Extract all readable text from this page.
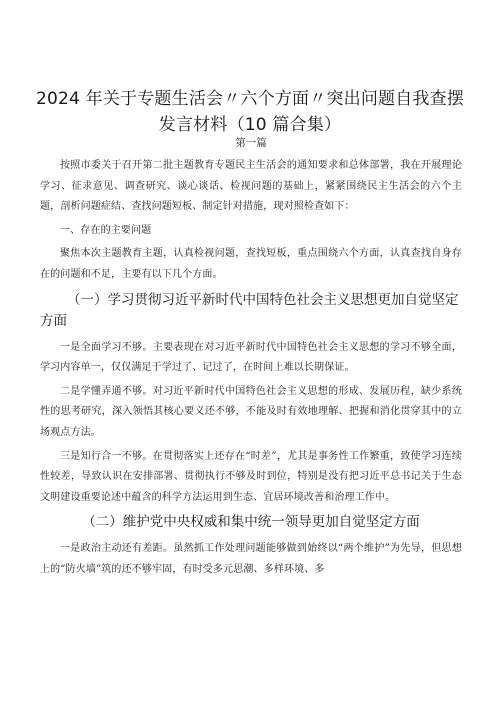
2024 年关于专题生活会〃六个方面〃突出问题自我查摆发言材料（10 篇合集）
第一篇

按照市委关于召开第二批主题教育专题民主生活会的通知要求和总体部署，我在开展理论学习、征求意见、调查研究、谈心谈话、检视问题的基础上，紧紧围绕民主生活会的六个主题，剖析问题症结、查找问题短板、制定针对措施，现对照检查如下：

一、存在的主要问题

聚焦本次主题教育主题，认真检视问题，查找短板，重点围绕六个方面，认真查找自身存在的问题和不足，主要有以下几个方面。

（一）学习贯彻习近平新时代中国特色社会主义思想更加自觉坚定方面

一是全面学习不够。主要表现在对习近平新时代中国特色社会主义思想的学习不够全面，学习内容单一，仅仅满足于学过了、记过了，在时间上难以长期保证。

二是学懂弄通不够。对习近平新时代中国特色社会主义思想的形成、发展历程，缺少系统性的思考研究，深入领悟其核心要义还不够，不能及时有效地理解、把握和消化贯穿其中的立场观点方法。

三是知行合一不够。在贯彻落实上还存在“时差”，尤其是事务性工作繁重，致使学习连续性较差，导致认识在安排部署、贯彻执行不够及时到位，特别是没有把习近平总书记关于生态文明建设重要论述中蕴含的科学方法运用到生态、宜居环境改善和治理工作中。

（二）维护党中央权威和集中统一领导更加自觉坚定方面

一是政治主动还有差距。虽然抓工作处理问题能够做到始终以“两个维护”为先导，但思想上的“防火墙”筑的还不够牢固，有时受多元思潮、多样环境、多
